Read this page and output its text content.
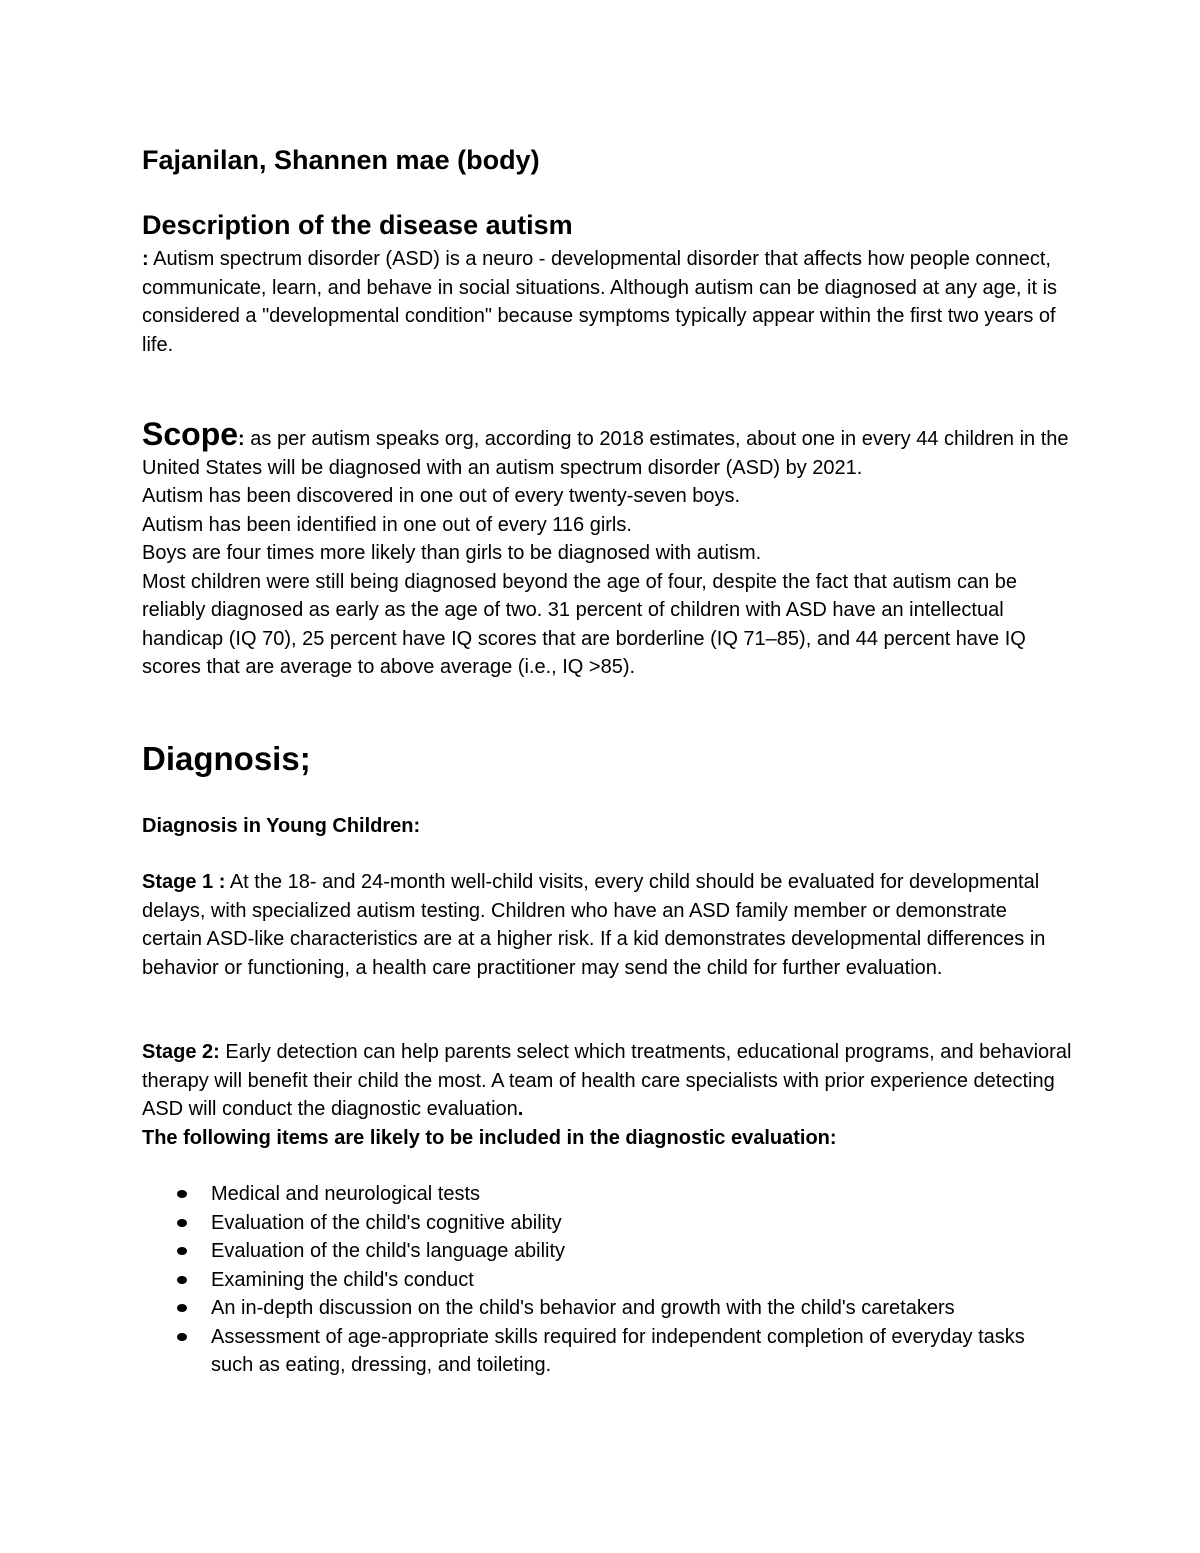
Fajanilan, Shannen mae (body)
Description of the disease autism
: Autism spectrum disorder (ASD) is a neuro - developmental disorder that affects how people connect, communicate, learn, and behave in social situations. Although autism can be diagnosed at any age, it is considered a "developmental condition" because symptoms typically appear within the first two years of life.
Scope: as per autism speaks org, according to 2018 estimates, about one in every 44 children in the United States will be diagnosed with an autism spectrum disorder (ASD) by 2021.
Autism has been discovered in one out of every twenty-seven boys.
Autism has been identified in one out of every 116 girls.
Boys are four times more likely than girls to be diagnosed with autism.
Most children were still being diagnosed beyond the age of four, despite the fact that autism can be reliably diagnosed as early as the age of two. 31 percent of children with ASD have an intellectual handicap (IQ 70), 25 percent have IQ scores that are borderline (IQ 71–85), and 44 percent have IQ scores that are average to above average (i.e., IQ >85).
Diagnosis;
Diagnosis in Young Children:
Stage 1 : At the 18- and 24-month well-child visits, every child should be evaluated for developmental delays, with specialized autism testing. Children who have an ASD family member or demonstrate certain ASD-like characteristics are at a higher risk. If a kid demonstrates developmental differences in behavior or functioning, a health care practitioner may send the child for further evaluation.
Stage 2: Early detection can help parents select which treatments, educational programs, and behavioral therapy will benefit their child the most. A team of health care specialists with prior experience detecting ASD will conduct the diagnostic evaluation.
The following items are likely to be included in the diagnostic evaluation:
Medical and neurological tests
Evaluation of the child's cognitive ability
Evaluation of the child's language ability
Examining the child's conduct
An in-depth discussion on the child's behavior and growth with the child's caretakers
Assessment of age-appropriate skills required for independent completion of everyday tasks such as eating, dressing, and toileting.
